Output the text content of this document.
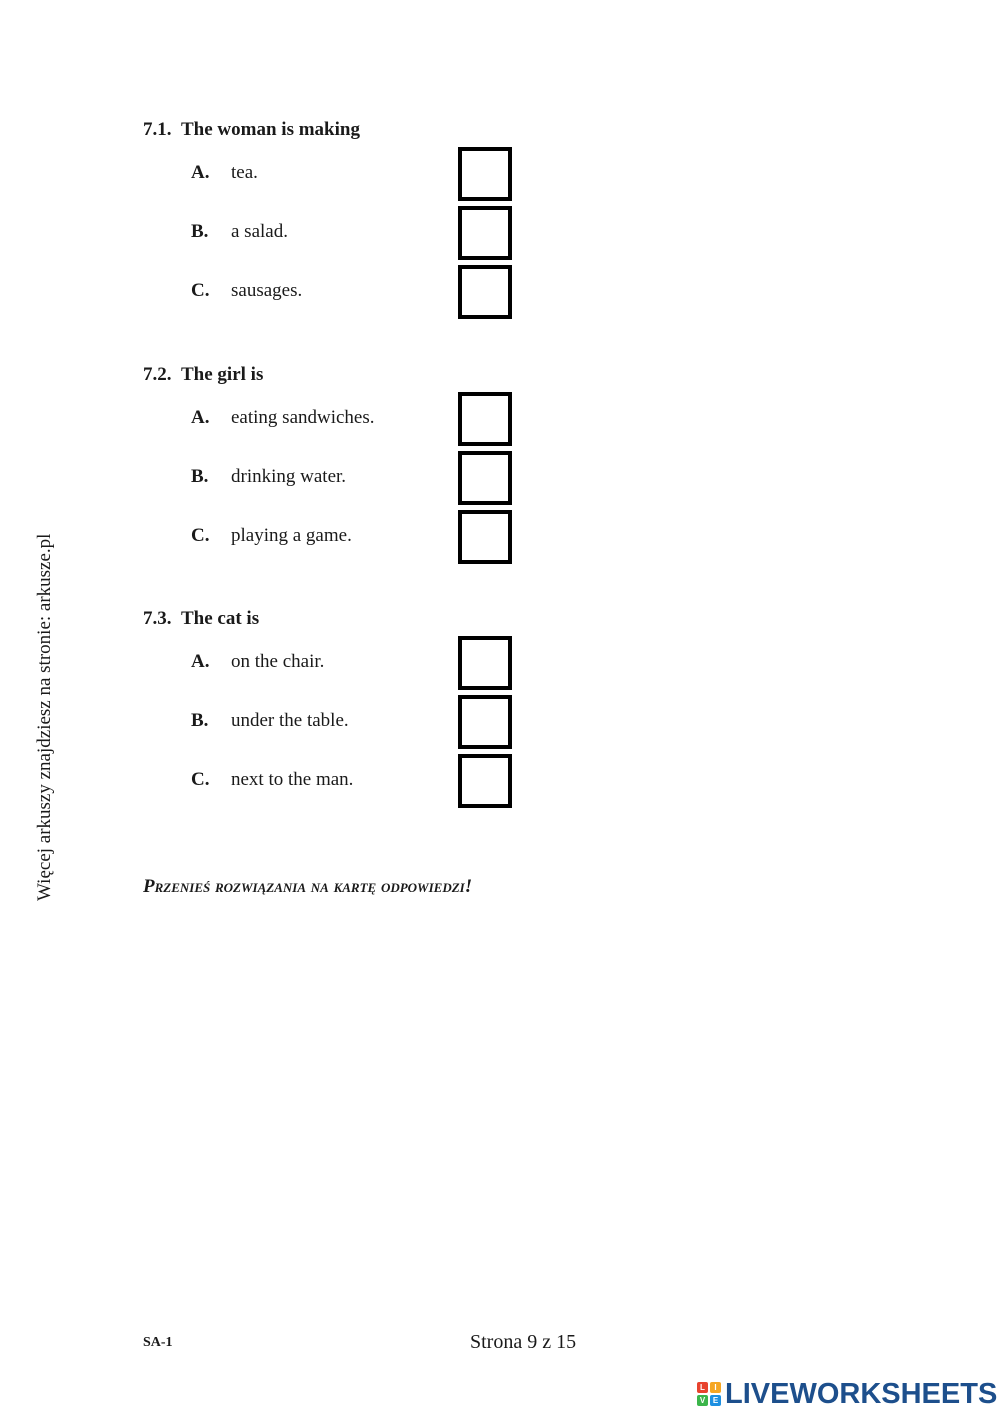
Więcej arkuszy znajdziesz na stronie: arkusze.pl
7.1. The woman is making
A. tea.
B. a salad.
C. sausages.
7.2. The girl is
A. eating sandwiches.
B. drinking water.
C. playing a game.
7.3. The cat is
A. on the chair.
B. under the table.
C. next to the man.
Przenieś rozwiązania na kartę odpowiedzi!
SA-1	Strona 9 z 15
L	I
V E LIVEWORKSHEETS
